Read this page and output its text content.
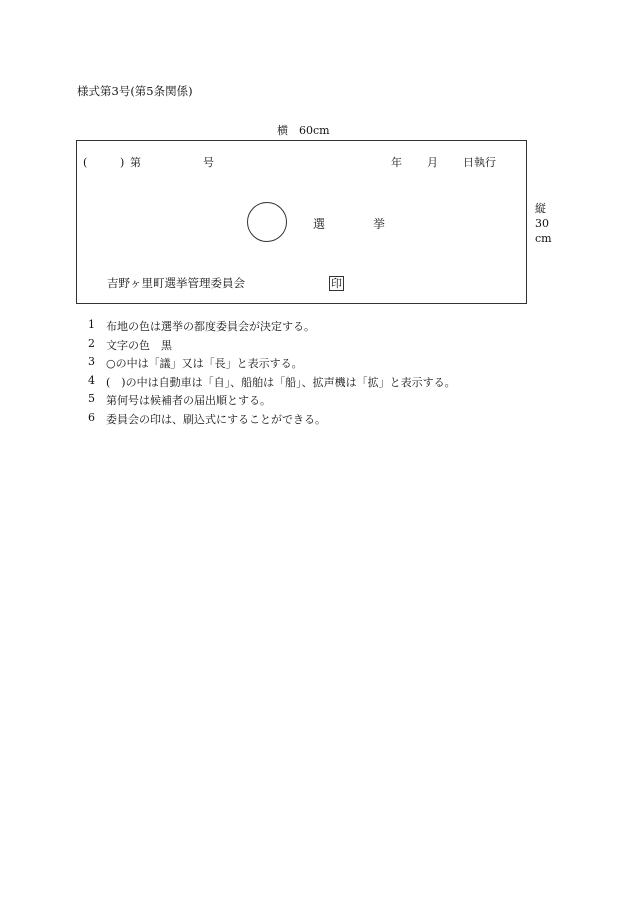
様式第3号(第5条関係)
横　60cm
(	) 第	号	年 月 日執行
選	挙
吉野ヶ里町選挙管理委員会	印
縦
30
cm
1 布地の色は選挙の都度委員会が決定する。
2 文字の色　黒
3 ○の中は「議」又は「長」と表示する。
4 (　)の中は自動車は「自」、船舶は「船」、拡声機は「拡」と表示する。
5 第何号は候補者の届出順とする。
6 委員会の印は、刷込式にすることができる。
